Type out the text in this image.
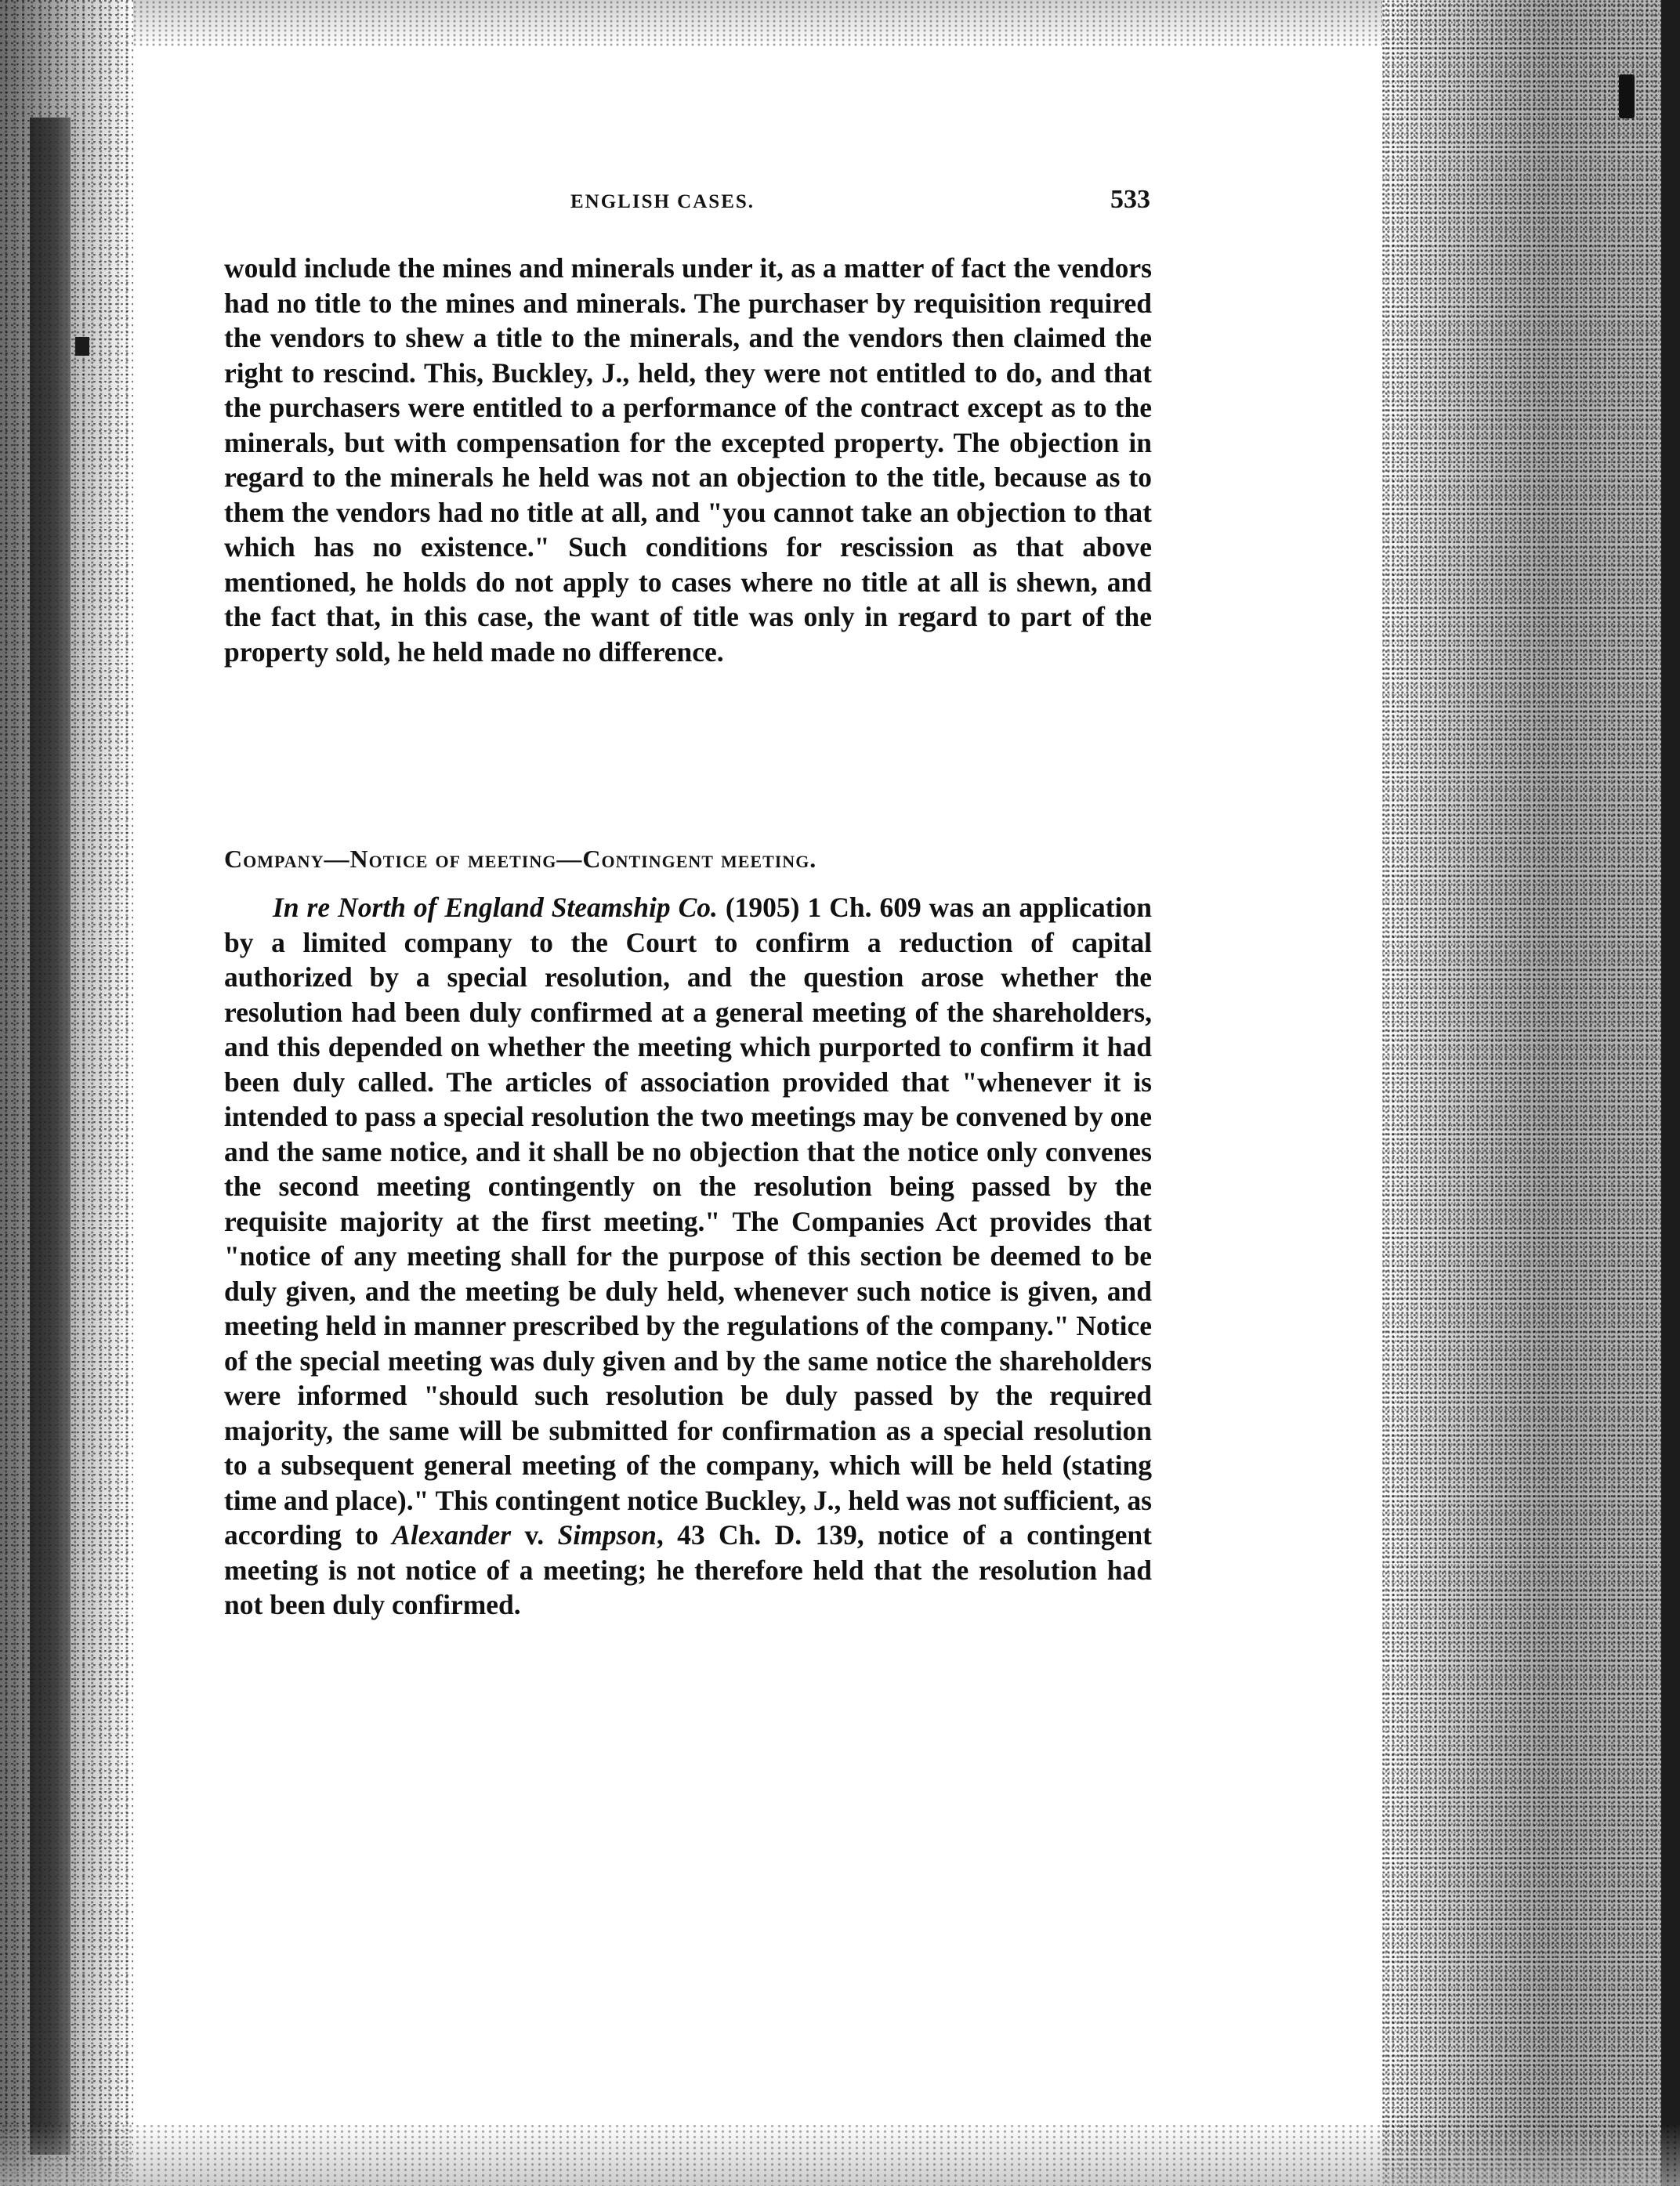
ENGLISH CASES.	533

would include the mines and minerals under it, as a matter of fact the vendors had no title to the mines and minerals. The purchaser by requisition required the vendors to shew a title to the minerals, and the vendors then claimed the right to rescind. This, Buckley, J., held, they were not entitled to do, and that the purchasers were entitled to a performance of the contract except as to the minerals, but with compensation for the excepted property. The objection in regard to the minerals he held was not an objection to the title, because as to them the vendors had no title at all, and "you cannot take an objection to that which has no existence." Such conditions for rescission as that above mentioned, he holds do not apply to cases where no title at all is shewn, and the fact that, in this case, the want of title was only in regard to part of the property sold, he held made no difference.

Company—Notice of meeting—Contingent meeting.

In re North of England Steamship Co. (1905) 1 Ch. 609 was an application by a limited company to the Court to confirm a reduction of capital authorized by a special resolution, and the question arose whether the resolution had been duly confirmed at a general meeting of the shareholders, and this depended on whether the meeting which purported to confirm it had been duly called. The articles of association provided that "whenever it is intended to pass a special resolution the two meetings may be convened by one and the same notice, and it shall be no objection that the notice only convenes the second meeting contingently on the resolution being passed by the requisite majority at the first meeting." The Companies Act provides that "notice of any meeting shall for the purpose of this section be deemed to be duly given, and the meeting be duly held, whenever such notice is given, and meeting held in manner prescribed by the regulations of the company." Notice of the special meeting was duly given and by the same notice the shareholders were informed "should such resolution be duly passed by the required majority, the same will be submitted for confirmation as a special resolution to a subsequent general meeting of the company, which will be held (stating time and place)." This contingent notice Buckley, J., held was not sufficient, as according to Alexander v. Simpson, 43 Ch. D. 139, notice of a contingent meeting is not notice of a meeting; he therefore held that the resolution had not been duly confirmed.
